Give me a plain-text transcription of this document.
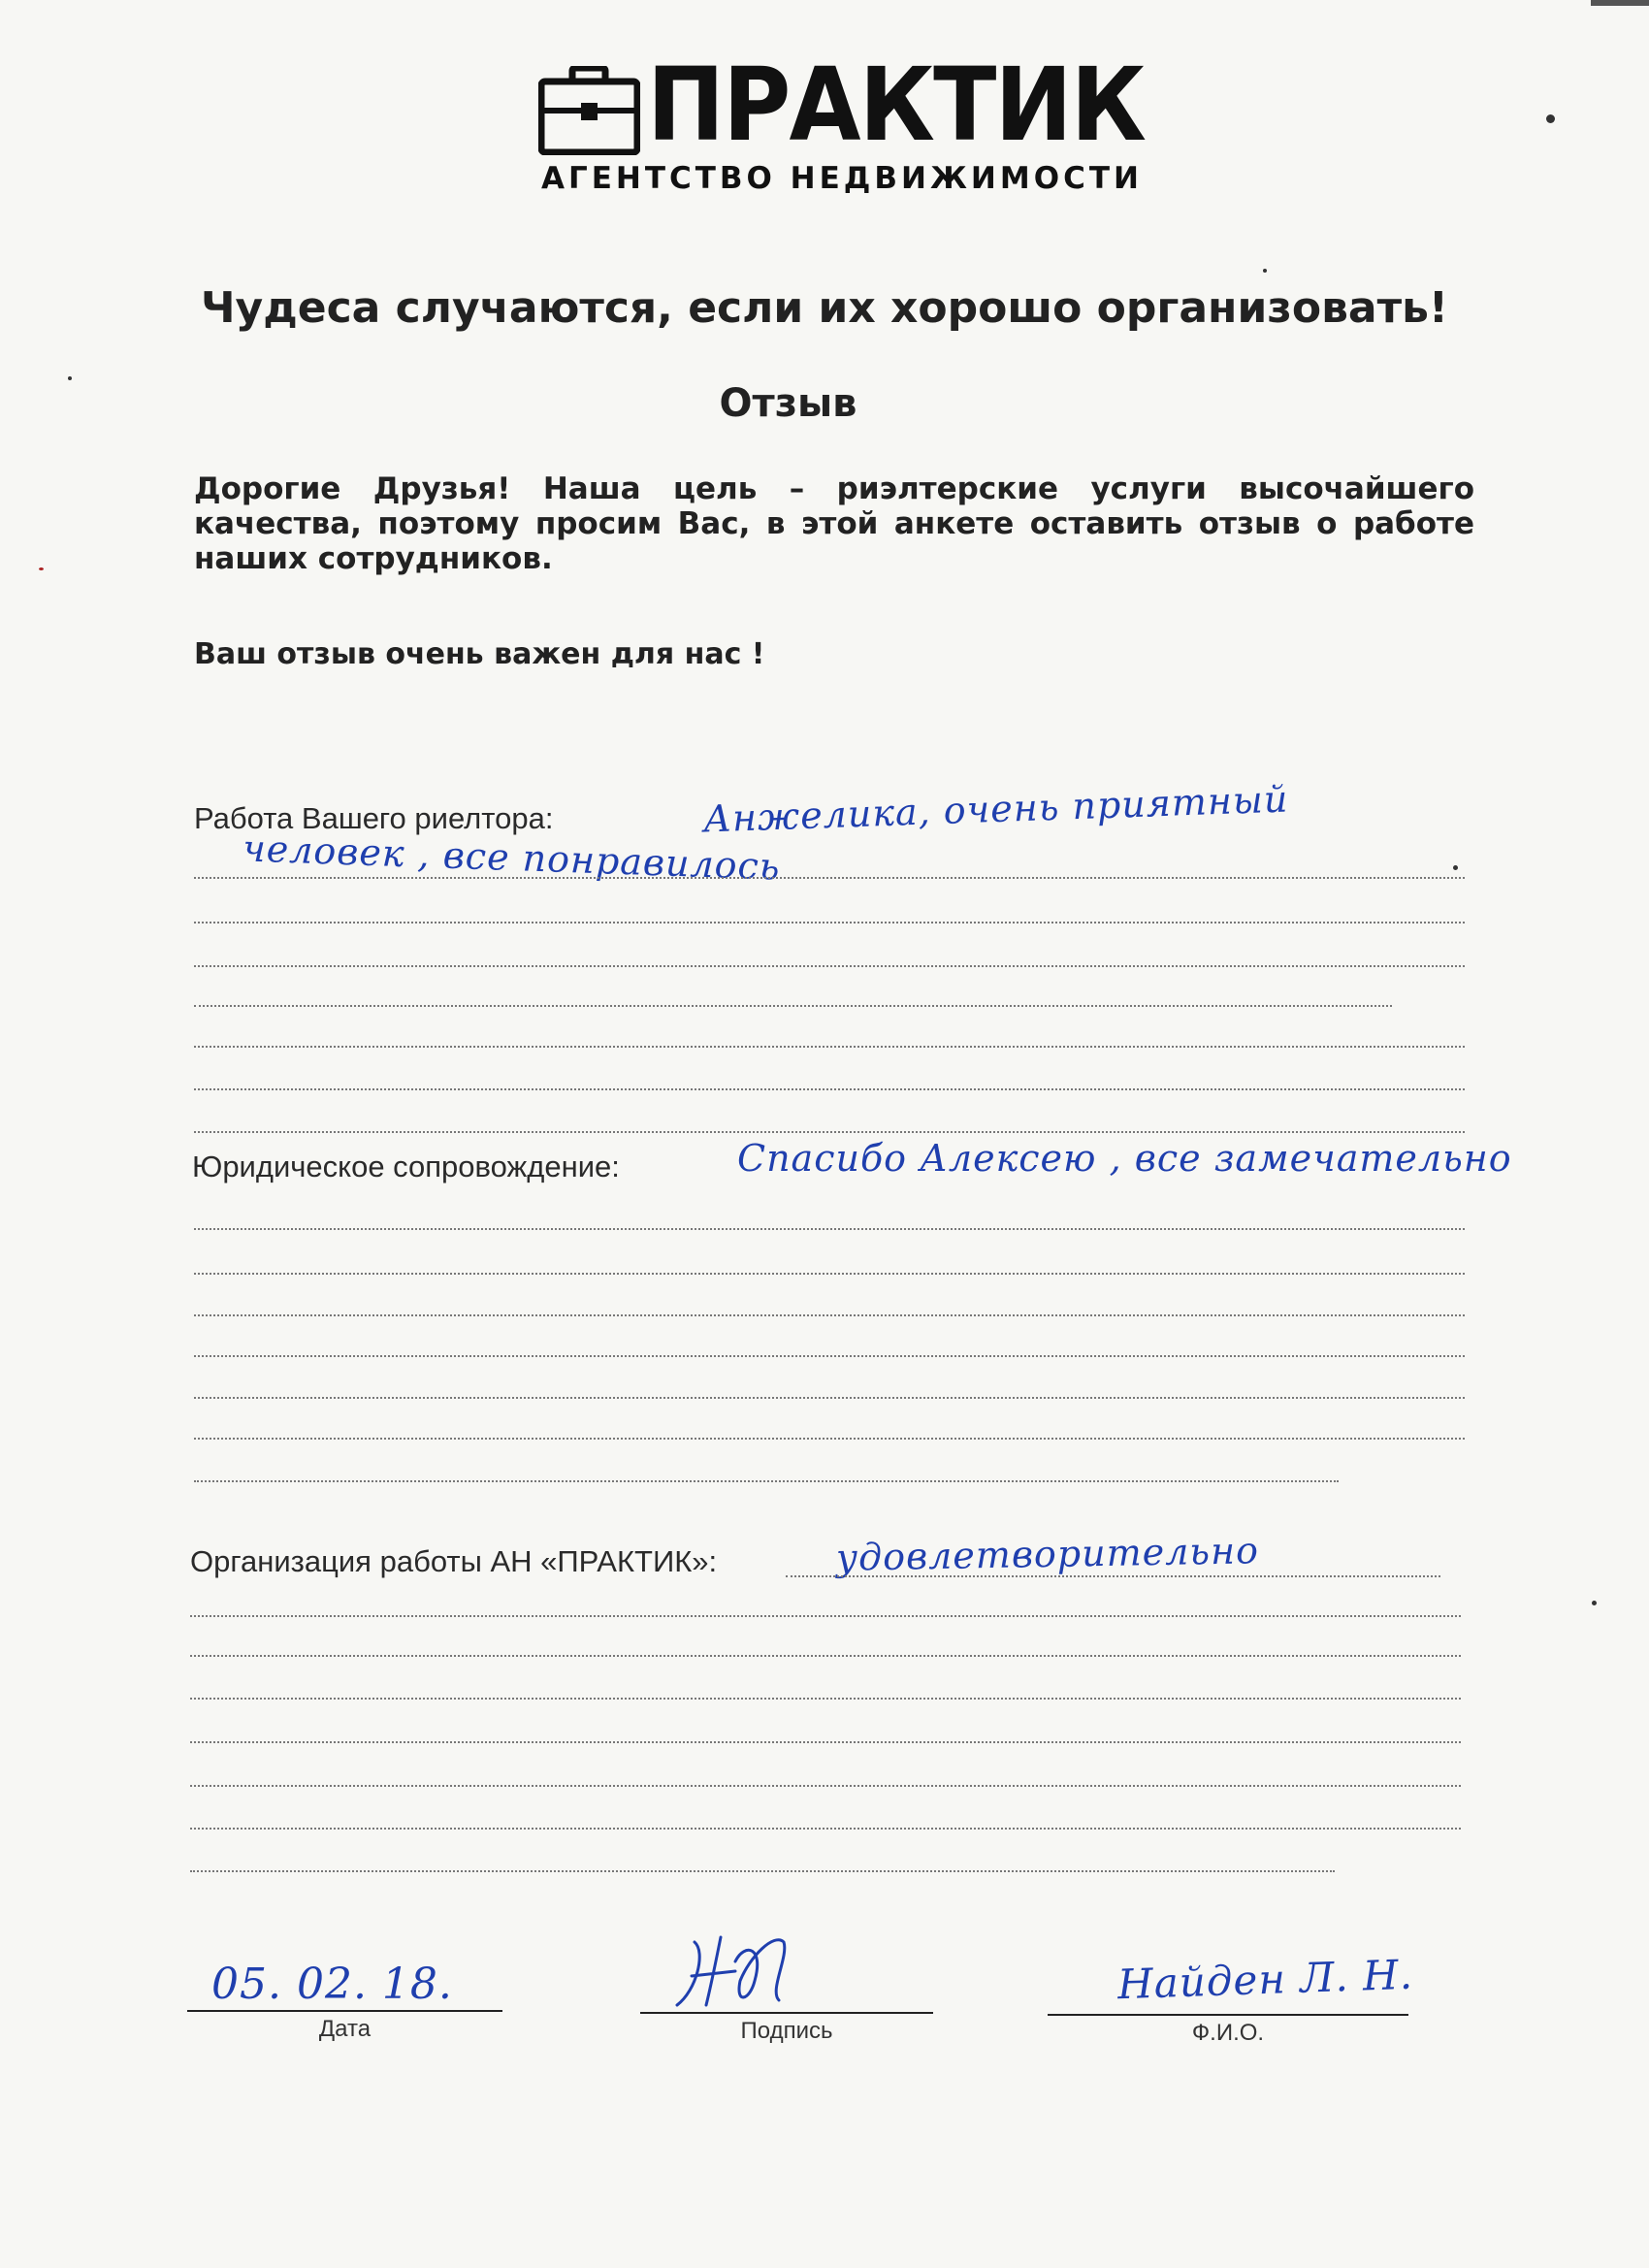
ПРАКТИК
АГЕНТСТВО НЕДВИЖИМОСТИ
Чудеса случаются, если их хорошо организовать!
Отзыв
Дорогие Друзья! Наша цель – риэлтерские услуги высочайшего качества, поэтому просим Вас, в этой анкете оставить отзыв о работе наших сотрудников.
Ваш отзыв очень важен для нас !
Работа Вашего риелтора:	Анжелика, очень приятный
человек , все понравилось
Юридическое сопровождение:	Спасибо Алексею , все замечательно
Организация работы АН «ПРАКТИК»:	удовлетворительно
05. 02. 18.
Дата	Подпись
Найден Л. Н.
Ф.И.О.
